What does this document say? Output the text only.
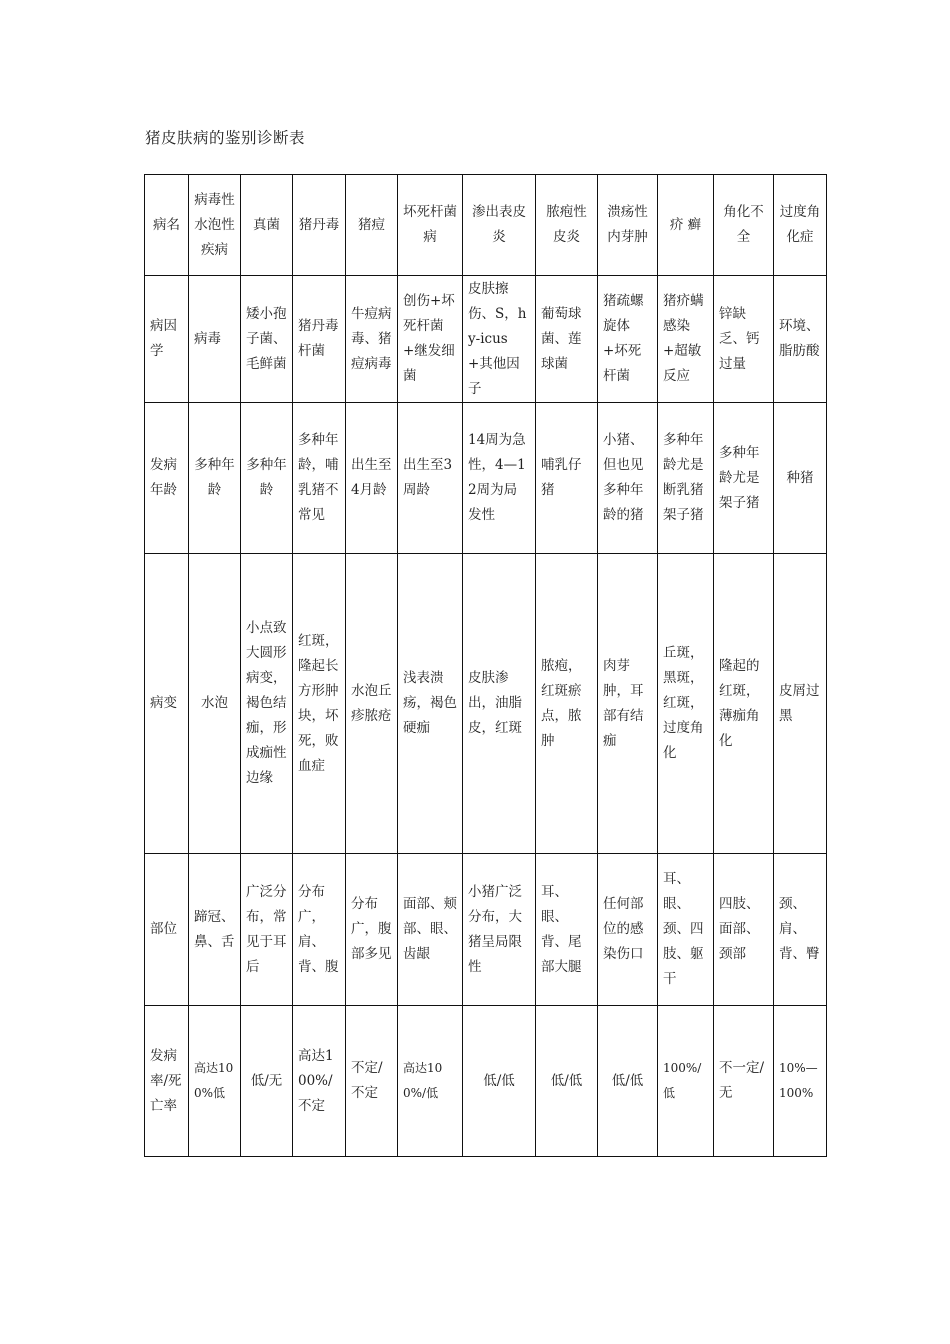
猪皮肤病的鉴别诊断表
病名	病毒性水泡性疾病	真菌	猪丹毒	猪痘	坏死杆菌病	渗出表皮炎	脓疱性皮炎	溃疡性内芽肿	疥 癣	角化不全	过度角化症
病因学	病毒	矮小孢子菌、毛鲜菌	猪丹毒杆菌	牛痘病毒、猪痘病毒	创伤+坏死杆菌+继发细菌	皮肤擦伤、S，hy-icus+其他因子	葡萄球菌、莲球菌	猪疏螺旋体+坏死杆菌	猪疥螨感染+超敏反应	锌缺乏、钙过量	环境、脂肪酸
发病年龄	多种年龄	多种年龄	多种年龄，哺乳猪不常见	出生至4月龄	出生至3周龄	14周为急性，4—12周为局发性	哺乳仔猪	小猪、但也见多种年龄的猪	多种年龄尤是断乳猪架子猪	多种年龄尤是架子猪	种猪
病变	水泡	小点致大圆形病变，褐色结痂，形成痂性边缘	红斑，隆起长方形肿块，坏死，败血症	水泡丘疹脓疮	浅表溃疡，褐色硬痂	皮肤渗出，油脂皮，红斑	脓疱，红斑瘀点，脓肿	肉芽肿，耳部有结痂	丘斑，黑斑，红斑，过度角化	隆起的红斑，薄痂角化	皮屑过黑
部位	蹄冠、鼻、舌	广泛分布，常见于耳后	分布广，肩、背、腹	分布广，腹部多见	面部、颊部、眼、齿龈	小猪广泛分布，大猪呈局限性	耳、眼、背、尾部大腿	任何部位的感染伤口	耳、眼、颈、四肢、躯干	四肢、面部、颈部	颈、肩、背、臀
发病率/死亡率	高达100%低	低/无	高达100%/不定	不定/不定	高达100%/低	低/低	低/低	低/低	100%/低	不一定/无	10%—100%
